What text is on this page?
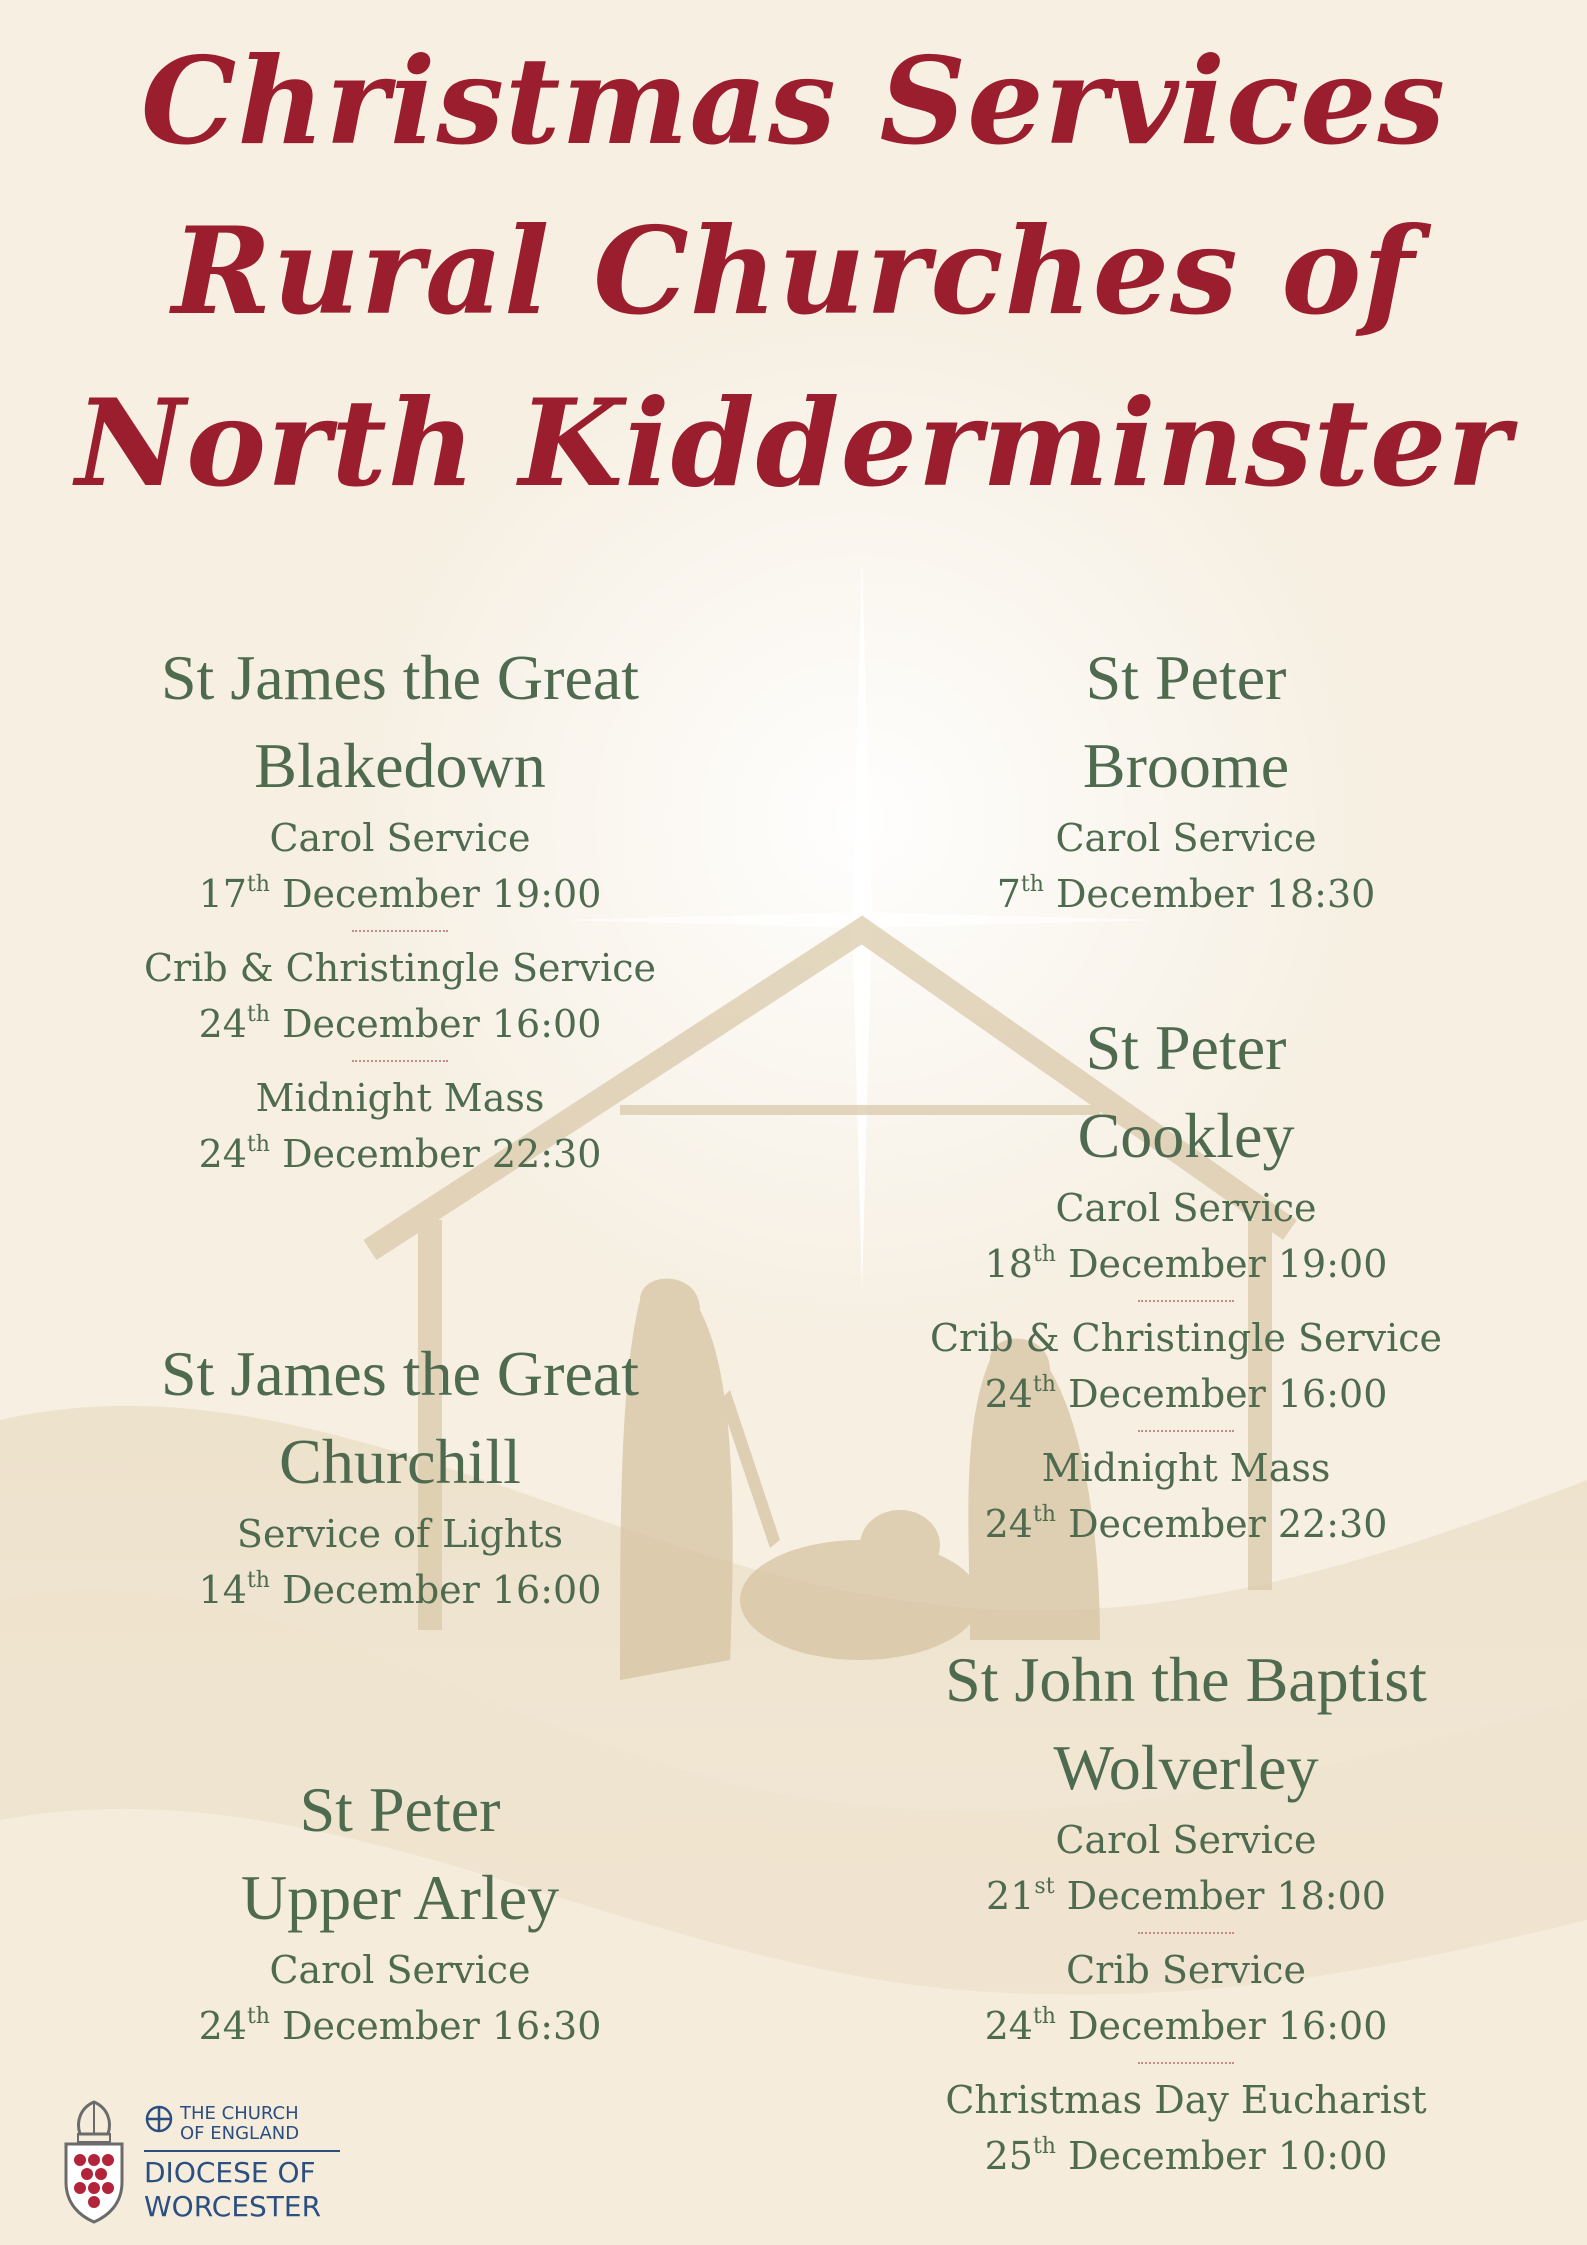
Christmas Services
Rural Churches of
North Kidderminster
St James the Great
Blakedown
Carol Service
17th December 19:00
Crib & Christingle Service
24th December 16:00
Midnight Mass
24th December 22:30
St James the Great
Churchill
Service of Lights
14th December 16:00
St Peter
Upper Arley
Carol Service
24th December 16:30
St Peter
Broome
Carol Service
7th December 18:30
St Peter
Cookley
Carol Service
18th December 19:00
Crib & Christingle Service
24th December 16:00
Midnight Mass
24th December 22:30
St John the Baptist
Wolverley
Carol Service
21st December 18:00
Crib Service
24th December 16:00
Christmas Day Eucharist
25th December 10:00
THE CHURCH
OF ENGLAND
DIOCESE OF
WORCESTER
